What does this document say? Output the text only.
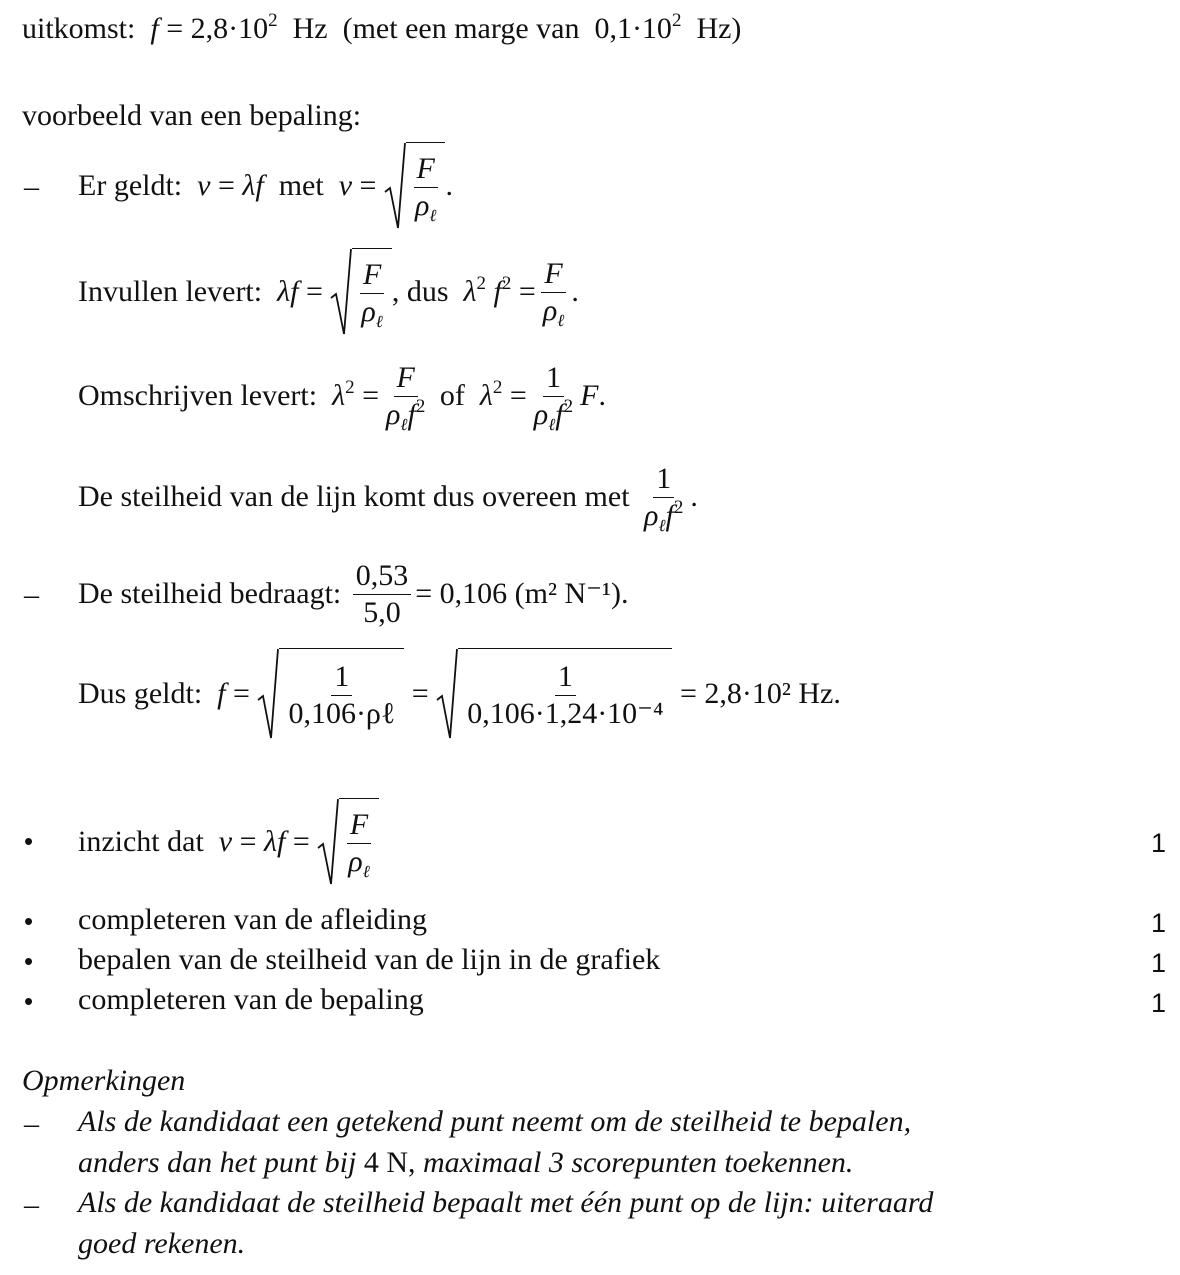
uitkomst: $f = 2,8\cdot 10^2$  Hz (met een marge van  $0,1\cdot 10^2$  Hz)
voorbeeld van een bepaling:
– Er geldt:
v = λf
met
$v = \frac{F}{\rho_\ell}$ .
Invullen levert:
$\lambda f = \frac{F}{\rho_\ell}$ , dus
$\lambda^2$ $f^2 = \frac{F}{\rho_\ell}$ .
Omschrijven levert:
$\lambda^2 = \frac{F}{\rho_\ell f^2}$
of
$\lambda^2 = \frac{1}{\rho_\ell f^2}$ F .
De steilheid van de lijn komt dus overeen met
$\frac{1}{\rho_\ell f^2}$ .
– De steilheid bedraagt:
$\frac{0,53}{5,0} = 0,106$ (m² N⁻¹).
Dus geldt:
$f = \frac{1}{\text{0,106·ρℓ}} = \frac{1}{\text{0,106·1,24·10⁻⁴}}$
= 2,8·10² Hz.
• inzicht dat
$v = \lambda f = \frac{F}{\rho_\ell}$	1
• completeren van de afleiding	1
• bepalen van de steilheid van de lijn in de grafiek	1
• completeren van de bepaling	1
Opmerkingen
– Als de kandidaat een getekend punt neemt om de steilheid te bepalen,
anders dan het punt bij 4 N, maximaal 3 scorepunten toekennen.
– Als de kandidaat de steilheid bepaalt met één punt op de lijn: uiteraard
goed rekenen.
